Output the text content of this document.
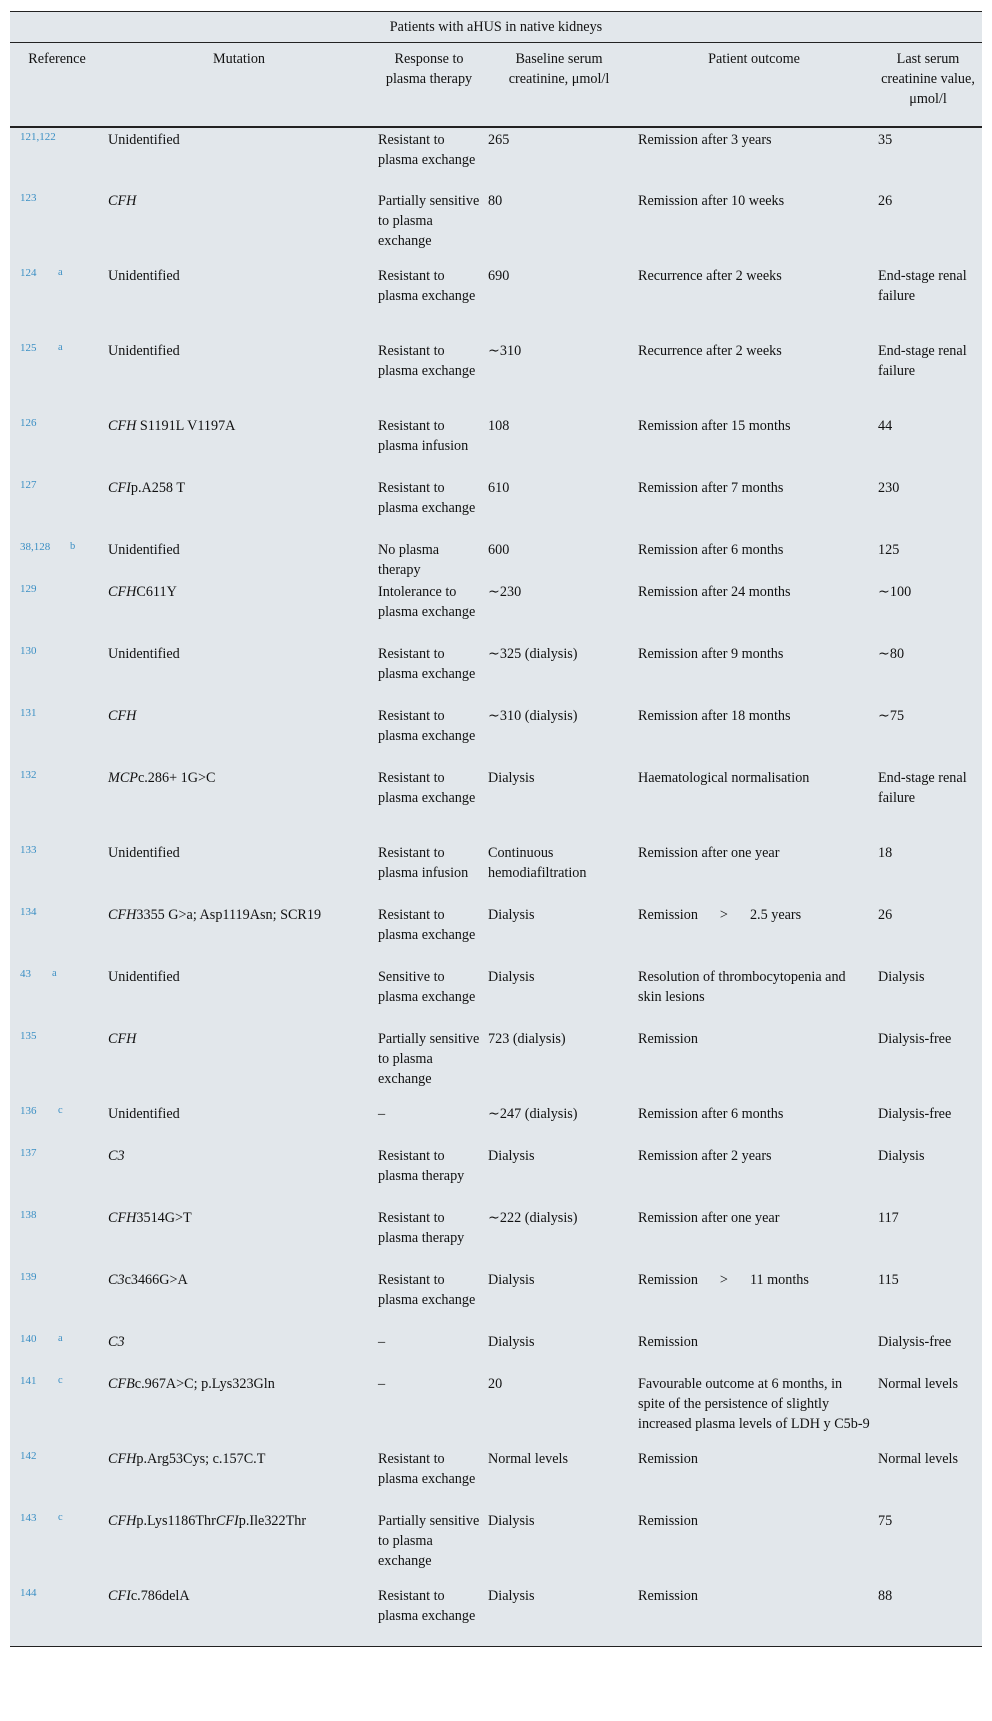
Patients with aHUS in native kidneys
Reference	Mutation	Response to plasma therapy	Baseline serum creatinine, μmol/l	Patient outcome	Last serum creatinine value, μmol/l
121,122	Unidentified	Resistant to plasma exchange	265	Remission after 3 years	35
123	CFH	Partially sensitive to plasma exchange	80	Remission after 10 weeks	26
124 a	Unidentified	Resistant to plasma exchange	690	Recurrence after 2 weeks	End-stage renal failure
125 a	Unidentified	Resistant to plasma exchange	∼310	Recurrence after 2 weeks	End-stage renal failure
126	CFH S1191L V1197A	Resistant to plasma infusion	108	Remission after 15 months	44
127	CFIp.A258 T	Resistant to plasma exchange	610	Remission after 7 months	230
38,128 b	Unidentified	No plasma therapy	600	Remission after 6 months	125
129	CFHC611Y	Intolerance to plasma exchange	∼230	Remission after 24 months	∼100
130	Unidentified	Resistant to plasma exchange	∼325 (dialysis)	Remission after 9 months	∼80
131	CFH	Resistant to plasma exchange	∼310 (dialysis)	Remission after 18 months	∼75
132	MCPc.286+ 1G>C	Resistant to plasma exchange	Dialysis	Haematological normalisation	End-stage renal failure
133	Unidentified	Resistant to plasma infusion	Continuous hemodiafiltration	Remission after one year	18
134	CFH3355 G>a; Asp1119Asn; SCR19	Resistant to plasma exchange	Dialysis	Remission > 2.5 years	26
43 a	Unidentified	Sensitive to plasma exchange	Dialysis	Resolution of thrombocytopenia and skin lesions	Dialysis
135	CFH	Partially sensitive to plasma exchange	723 (dialysis)	Remission	Dialysis-free
136 c	Unidentified	–	∼247 (dialysis)	Remission after 6 months	Dialysis-free
137	C3	Resistant to plasma therapy	Dialysis	Remission after 2 years	Dialysis
138	CFH3514G>T	Resistant to plasma therapy	∼222 (dialysis)	Remission after one year	117
139	C3c3466G>A	Resistant to plasma exchange	Dialysis	Remission > 11 months	115
140 a	C3	–	Dialysis	Remission	Dialysis-free
141 c	CFBc.967A>C; p.Lys323Gln	–	20	Favourable outcome at 6 months, in spite of the persistence of slightly increased plasma levels of LDH y C5b-9	Normal levels
142	CFHp.Arg53Cys; c.157C.T	Resistant to plasma exchange	Normal levels	Remission	Normal levels
143 c	CFHp.Lys1186ThrCFIp.Ile322Thr	Partially sensitive to plasma exchange	Dialysis	Remission	75
144	CFIc.786delA	Resistant to plasma exchange	Dialysis	Remission	88
